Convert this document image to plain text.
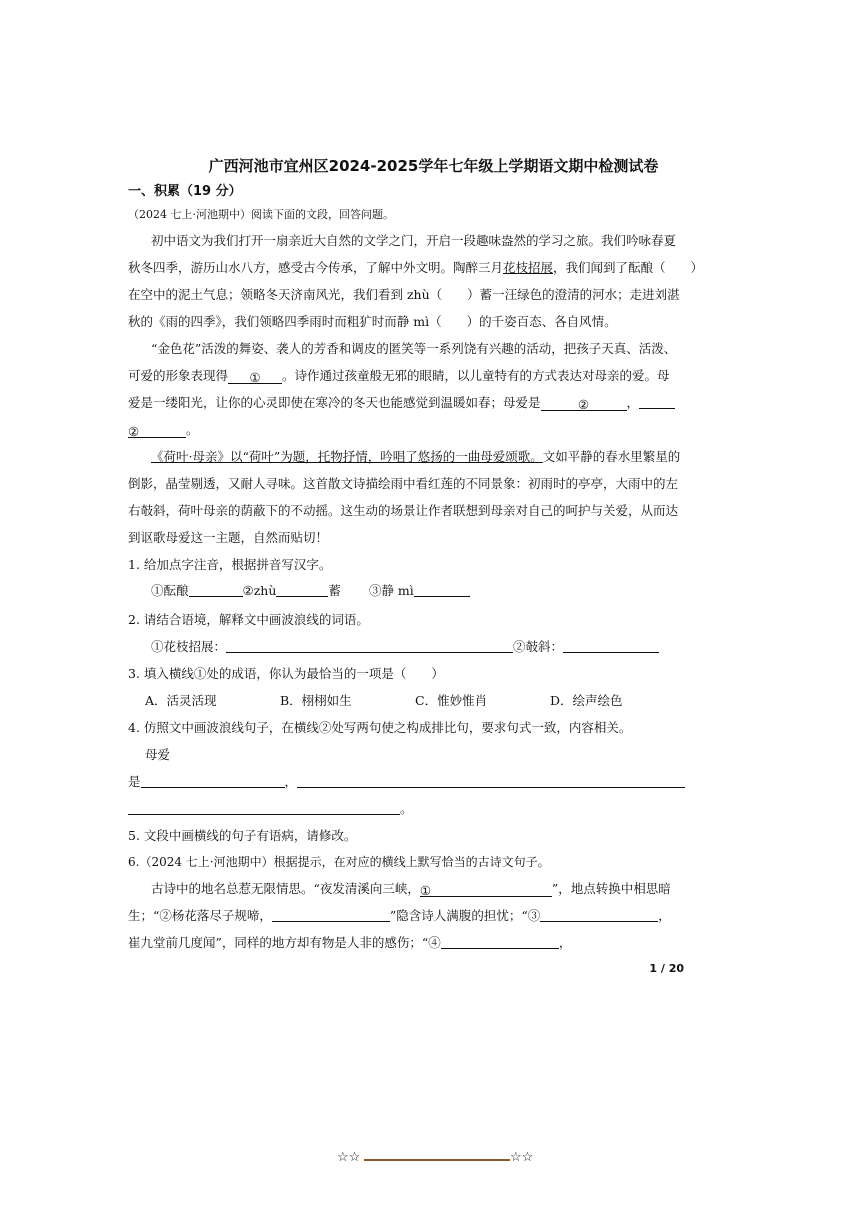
广西河池市宜州区2024-2025学年七年级上学期语文期中检测试卷
一、积累（19 分）
（2024 七上·河池期中）阅读下面的文段，回答问题。
初中语文为我们打开一扇亲近大自然的文学之门，开启一段趣味盎然的学习之旅。我们吟咏春夏
秋冬四季，游历山水八方，感受古今传承，了解中外文明。陶醉三月花枝招展，我们闻到了酝酿（　　）
在空中的泥土气息；领略冬天济南风光，我们看到 zhù（　　）蓄一汪绿色的澄清的河水；走进刘湛
秋的《雨的四季》，我们领略四季雨时而粗犷时而静 mì（　　）的千姿百态、各自风情。
“金色花”活泼的舞姿、袭人的芳香和调皮的匿笑等一系列饶有兴趣的活动，把孩子天真、活泼、
可爱的形象表现得 ① 。诗作通过孩童般无邪的眼睛，以儿童特有的方式表达对母亲的爱。母
爱是一缕阳光，让你的心灵即使在寒冷的冬天也能感觉到温暖如春；母爱是	②	，
②	。
《荷叶·母亲》以“荷叶”为题，托物抒情，吟唱了悠扬的一曲母爱颂歌。文如平静的春水里繁星的
倒影，晶莹剔透，又耐人寻味。这首散文诗描绘雨中看红莲的不同景象：初雨时的亭亭，大雨中的左
右攲斜，荷叶母亲的荫蔽下的不动摇。这生动的场景让作者联想到母亲对自己的呵护与关爱，从而达
到讴歌母爱这一主题，自然而贴切！
1. 给加点字注音，根据拼音写汉字。
①酝酿	②zhù	蓄 ③静 mì
2. 请结合语境，解释文中画波浪线的词语。
①花枝招展：	②攲斜：
3. 填入横线①处的成语，你认为最恰当的一项是（　　）
A．活灵活现	B．栩栩如生	C．惟妙惟肖	D．绘声绘色
4. 仿照文中画波浪线句子，在横线②处写两句使之构成排比句，要求句式一致，内容相关。
母爱
是	，
。
5. 文段中画横线的句子有语病，请修改。
6.（2024 七上·河池期中）根据提示，在对应的横线上默写恰当的古诗文句子。
古诗中的地名总惹无限情思。“夜发清溪向三峡，①	”，地点转换中相思暗
生；“②杨花落尽子规啼，	”隐含诗人满腹的担忧；“③	，
崔九堂前几度闻”，同样的地方却有物是人非的感伤；“④	，
1 / 20
☆☆	☆☆
